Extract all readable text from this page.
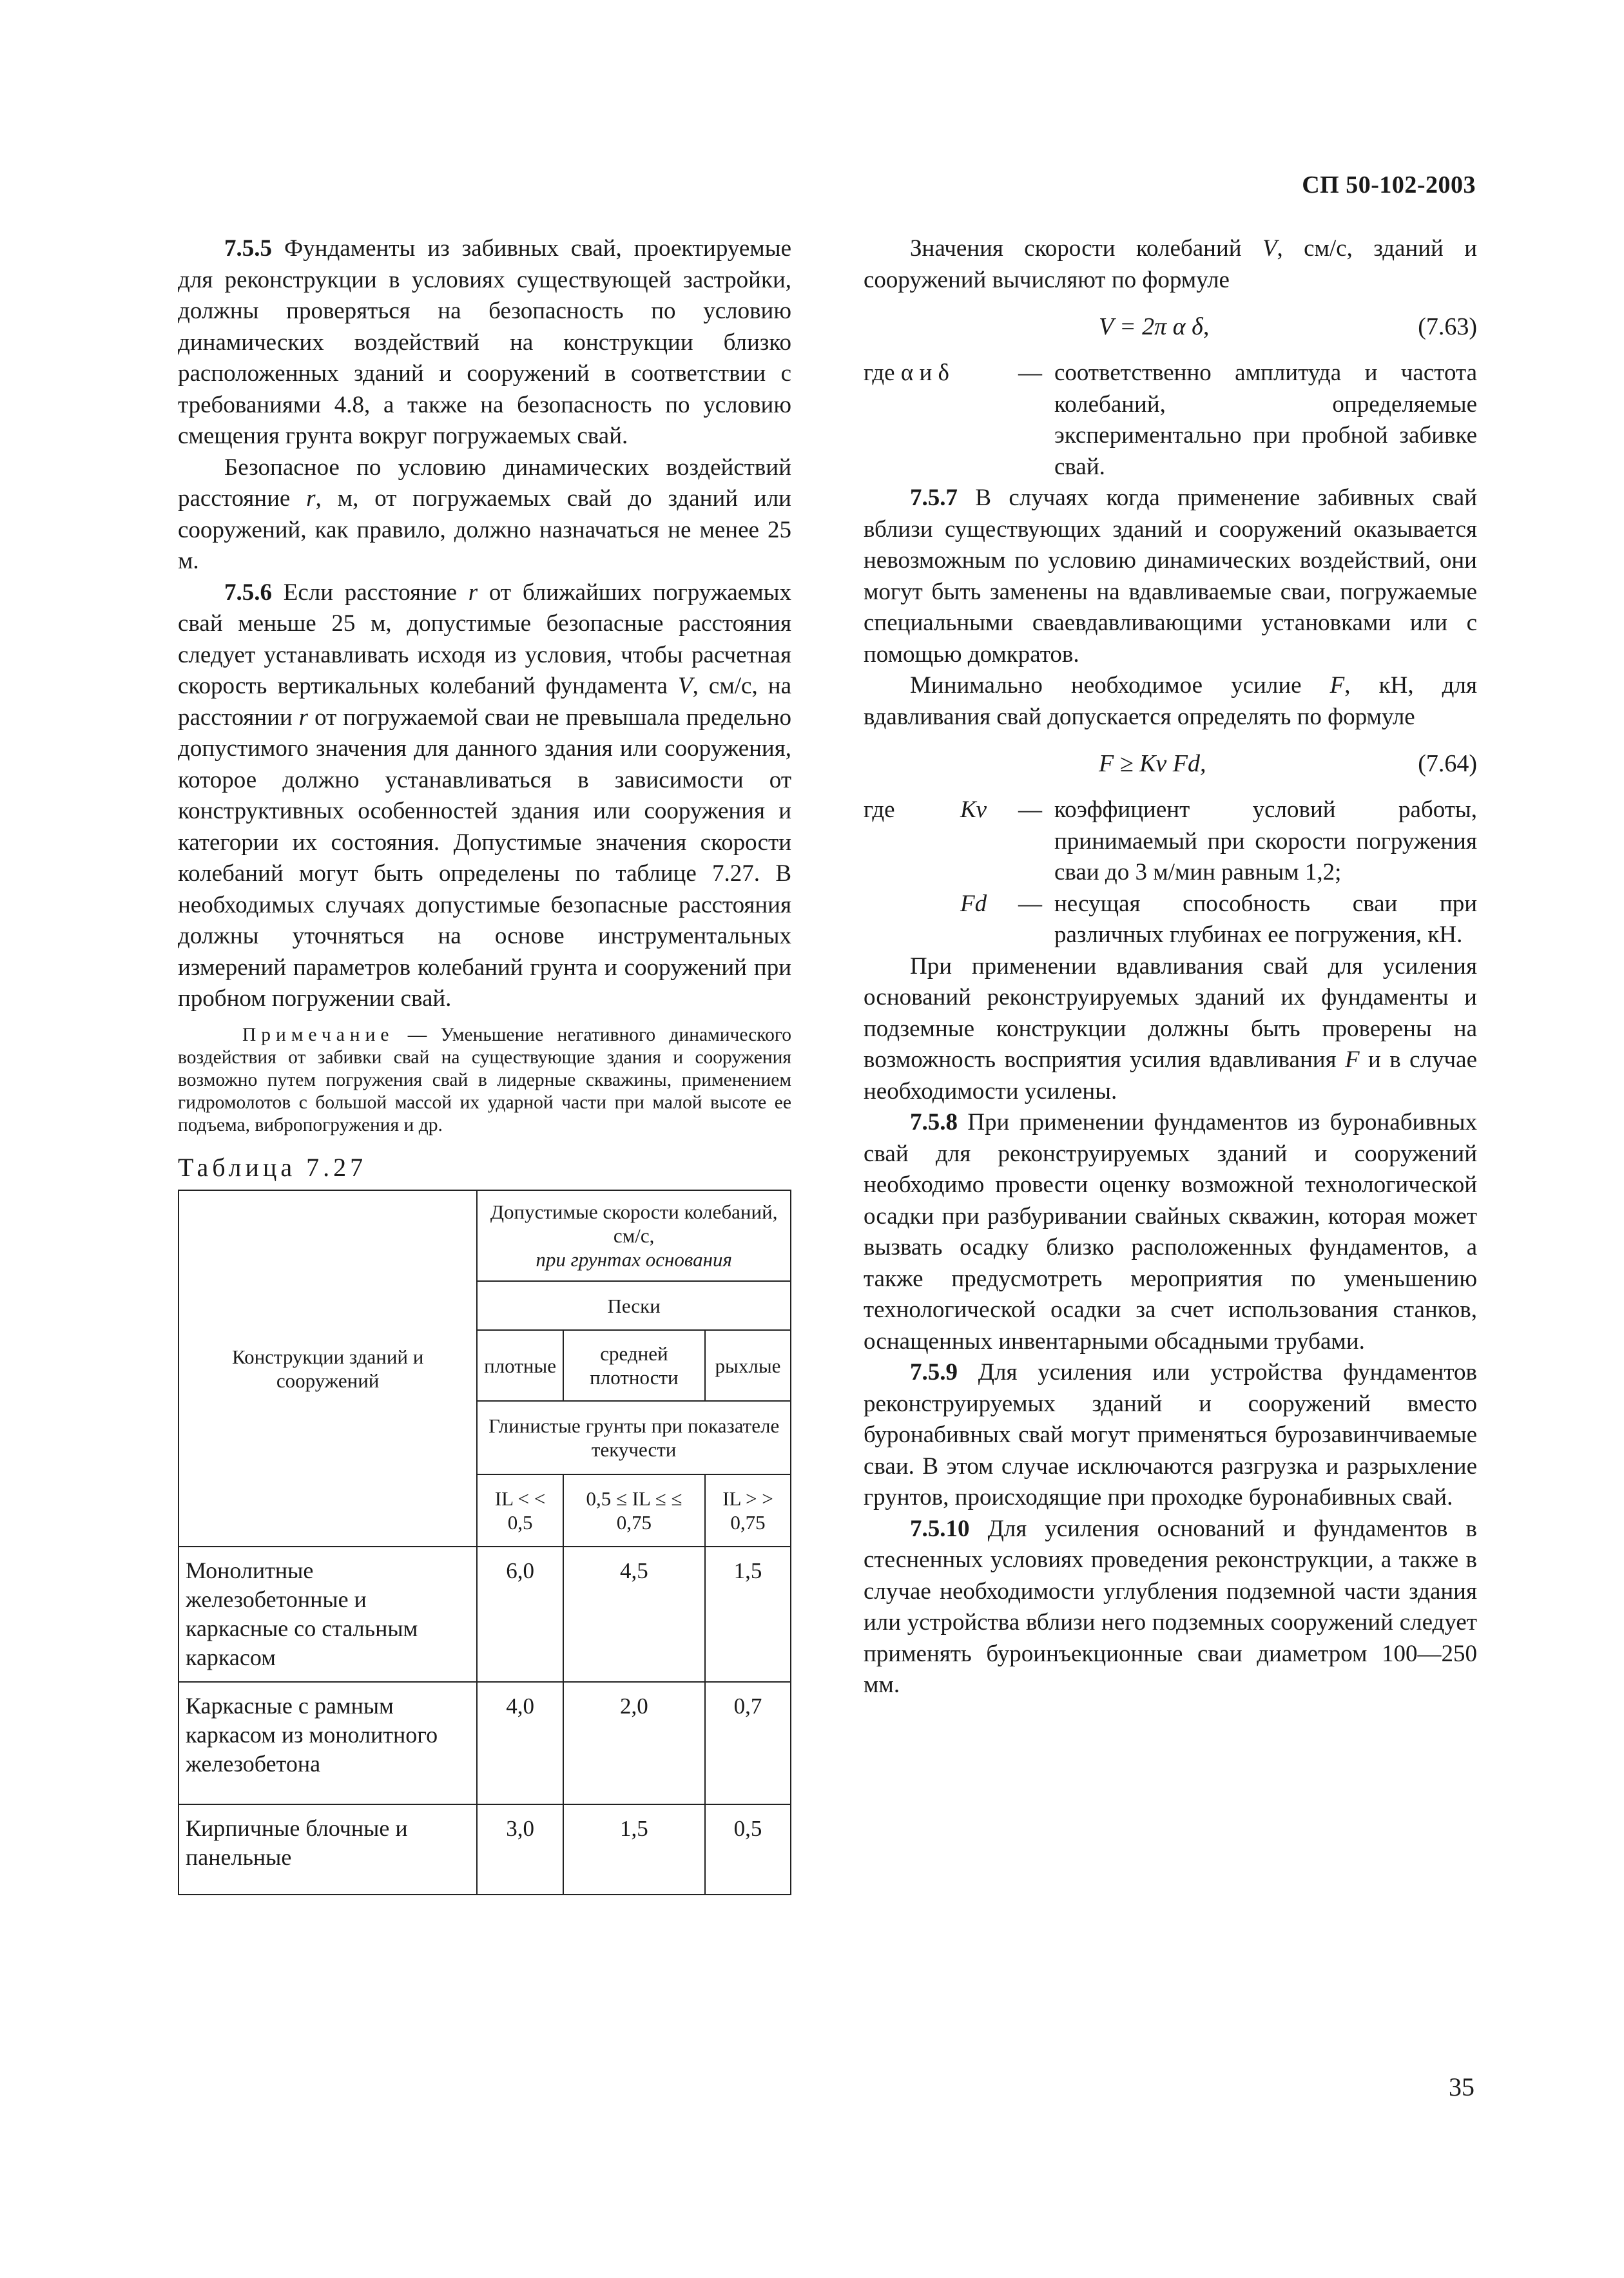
СП 50-102-2003

7.5.5 Фундаменты из забивных свай, проектируемые для реконструкции в условиях существующей застройки, должны проверяться на безопасность по условию динамических воздействий на конструкции близко расположенных зданий и сооружений в соответствии с требованиями 4.8, а также на безопасность по условию смещения грунта вокруг погружаемых свай.

Безопасное по условию динамических воздействий расстояние r, м, от погружаемых свай до зданий или сооружений, как правило, должно назначаться не менее 25 м.

7.5.6 Если расстояние r от ближайших погружаемых свай меньше 25 м, допустимые безопасные расстояния следует устанавливать исходя из условия, чтобы расчетная скорость вертикальных колебаний фундамента V, см/с, на расстоянии r от погружаемой сваи не превышала предельно допустимого значения для данного здания или сооружения, которое должно устанавливаться в зависимости от конструктивных особенностей здания или сооружения и категории их состояния. Допустимые значения скорости колебаний могут быть определены по таблице 7.27. В необходимых случаях допустимые безопасные расстояния должны уточняться на основе инструментальных измерений параметров колебаний грунта и сооружений при пробном погружении свай.

Примечание — Уменьшение негативного динамического воздействия от забивки свай на существующие здания и сооружения возможно путем погружения свай в лидерные скважины, применением гидромолотов с большой массой их ударной части при малой высоте ее подъема, вибропогружения и др.

Таблица 7.27
Конструкции зданий и сооружений	Допустимые скорости колебаний, см/с,
при грунтах основания		
	Пески		
	плотные	средней плотности	рыхлые
	Глинистые грунты при показателе текучести		
	IL < < 0,5	0,5 ≤ IL ≤ ≤ 0,75	IL > > 0,75
Монолитные железобетонные и каркасные со стальным каркасом	6,0	4,5	1,5
Каркасные с рамным каркасом из монолитного железобетона	4,0	2,0	0,7
Кирпичные блочные и панельные	3,0	1,5	0,5

Значения скорости колебаний V, см/с, зданий и сооружений вычисляют по формуле

V = 2π α δ,	(7.63)
где α и δ	— соответственно амплитуда и частота колебаний, определяемые экспериментально при пробной забивке свай.

7.5.7 В случаях когда применение забивных свай вблизи существующих зданий и сооружений оказывается невозможным по условию динамических воздействий, они могут быть заменены на вдавливаемые сваи, погружаемые специальными сваевдавливающими установками или с помощью домкратов.

Минимально необходимое усилие F, кН, для вдавливания свай допускается определять по формуле

F ≥ Kv Fd,	(7.64)
где	Kv	— коэффициент условий работы, принимаемый при скорости погружения сваи до 3 м/мин равным 1,2;
Fd	— несущая способность сваи при различных глубинах ее погружения, кН.

При применении вдавливания свай для усиления оснований реконструируемых зданий их фундаменты и подземные конструкции должны быть проверены на возможность восприятия усилия вдавливания F и в случае необходимости усилены.

7.5.8 При применении фундаментов из буронабивных свай для реконструируемых зданий и сооружений необходимо провести оценку возможной технологической осадки при разбуривании свайных скважин, которая может вызвать осадку близко расположенных фундаментов, а также предусмотреть мероприятия по уменьшению технологической осадки за счет использования станков, оснащенных инвентарными обсадными трубами.

7.5.9 Для усиления или устройства фундаментов реконструируемых зданий и сооружений вместо буронабивных свай могут применяться бурозавинчиваемые сваи. В этом случае исключаются разгрузка и разрыхление грунтов, происходящие при проходке буронабивных свай.

7.5.10 Для усиления оснований и фундаментов в стесненных условиях проведения реконструкции, а также в случае необходимости углубления подземной части здания или устройства вблизи него подземных сооружений следует применять буроинъекционные сваи диаметром 100—250 мм.

35
